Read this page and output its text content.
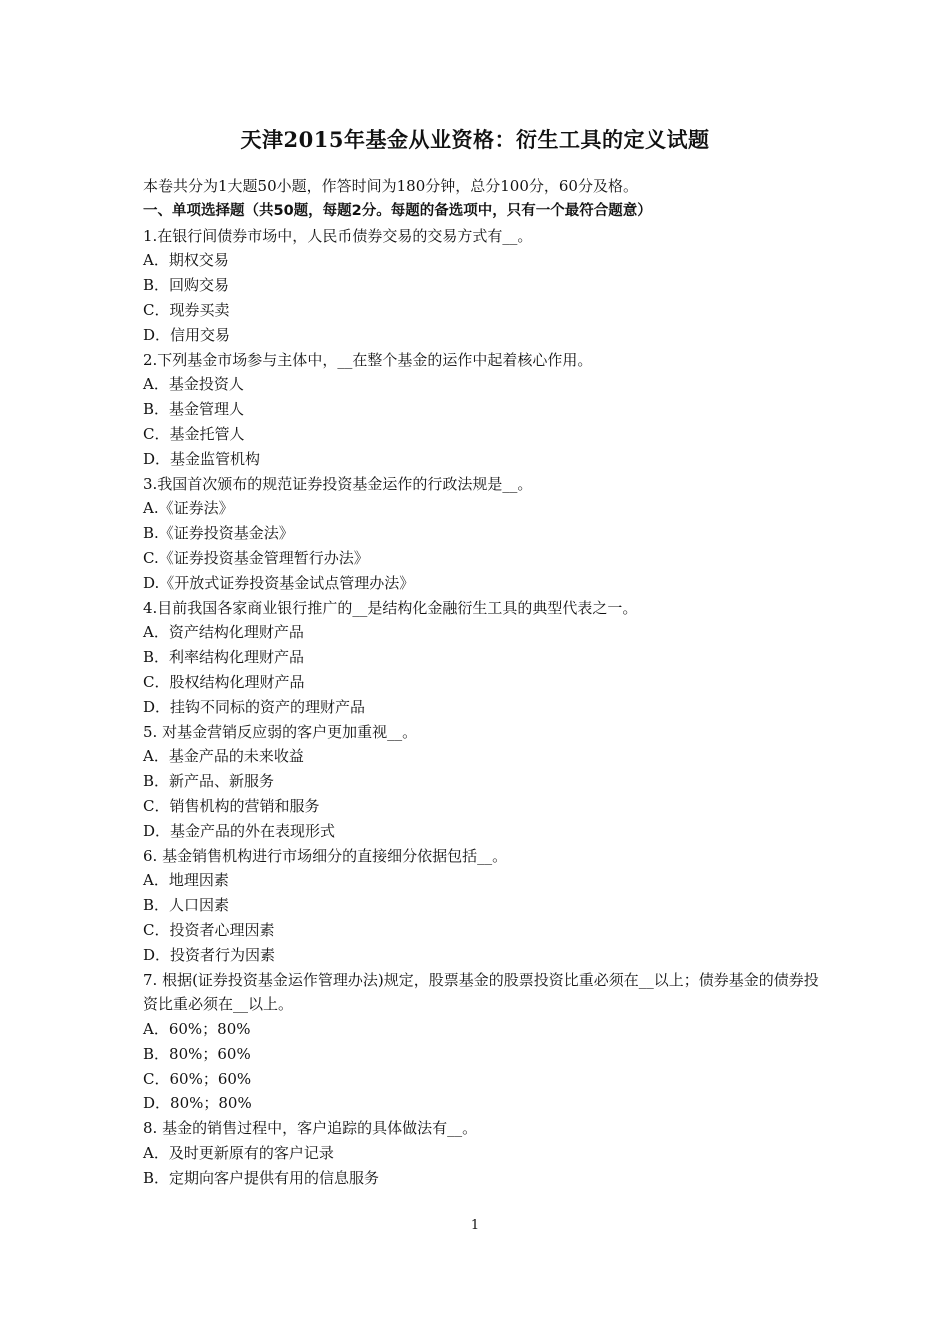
天津2015年基金从业资格：衍生工具的定义试题

本卷共分为1大题50小题，作答时间为180分钟，总分100分，60分及格。

一、单项选择题（共50题，每题2分。每题的备选项中，只有一个最符合题意）

1.在银行间债券市场中，人民币债券交易的交易方式有__。

A．期权交易

B．回购交易

C．现券买卖

D．信用交易

2.下列基金市场参与主体中，__在整个基金的运作中起着核心作用。

A．基金投资人

B．基金管理人

C．基金托管人

D．基金监管机构

3.我国首次颁布的规范证券投资基金运作的行政法规是__。

A.《证券法》

B.《证券投资基金法》

C.《证券投资基金管理暂行办法》

D.《开放式证券投资基金试点管理办法》

4.目前我国各家商业银行推广的__是结构化金融衍生工具的典型代表之一。

A．资产结构化理财产品

B．利率结构化理财产品

C．股权结构化理财产品

D．挂钩不同标的资产的理财产品

5. 对基金营销反应弱的客户更加重视__。

A．基金产品的未来收益

B．新产品、新服务

C．销售机构的营销和服务

D．基金产品的外在表现形式

6. 基金销售机构进行市场细分的直接细分依据包括__。

A．地理因素

B．人口因素

C．投资者心理因素

D．投资者行为因素

7. 根据(证券投资基金运作管理办法)规定，股票基金的股票投资比重必须在__以上；债券基金的债券投资比重必须在__以上。

A．60%；80%

B．80%；60%

C．60%；60%

D．80%；80%

8. 基金的销售过程中，客户追踪的具体做法有__。

A．及时更新原有的客户记录

B．定期向客户提供有用的信息服务

1
